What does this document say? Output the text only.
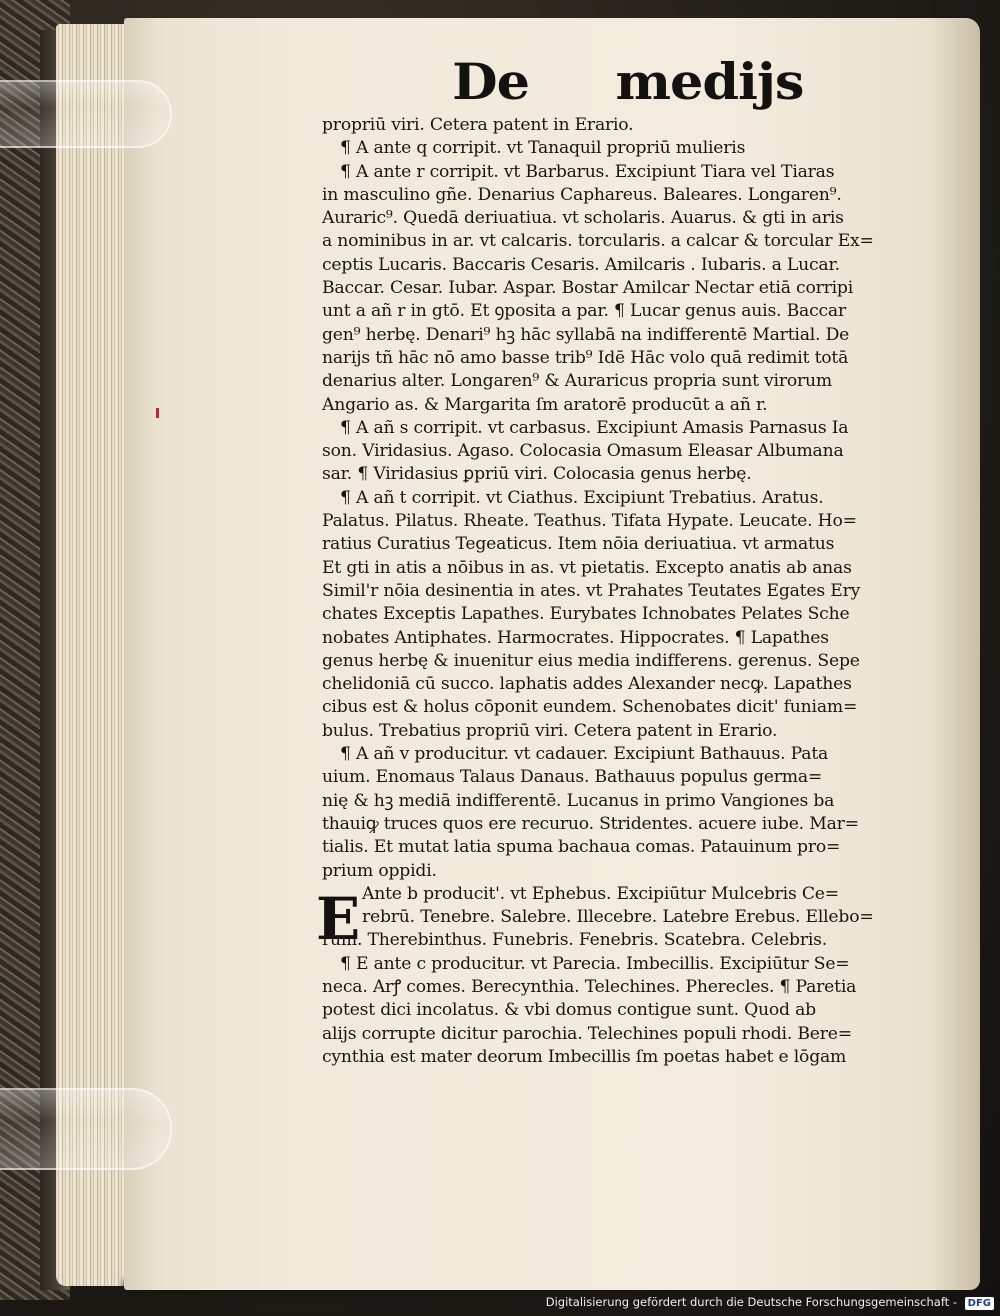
De medijs
E
propriū viri. Cetera patent in Erario.
¶ A ante q corripit. vt Tanaquil propriū mulieris
¶ A ante r corripit. vt Barbarus. Excipiunt Tiara vel Tiaras
in masculino gñe. Denarius Caphareus. Baleares. Longaren⁹.
Auraric⁹. Quedā deriuatiua. vt scholaris. Auarus. & gti in aris
a nominibus in ar. vt calcaris. torcularis. a calcar & torcular Ex=
ceptis Lucaris. Baccaris Cesaris. Amilcaris . Iubaris. a Lucar.
Baccar. Cesar. Iubar. Aspar. Bostar Amilcar Nectar etiā corripi
unt a añ r in gtō. Et ꝯposita a par. ¶ Lucar genus auis. Baccar
gen⁹ herbę. Denari⁹ hꝫ hāc syllabā na indifferentē Martial. De
narijs tñ hāc nō amo basse trib⁹ Idē Hāc volo quā redimit totā
denarius alter. Longaren⁹ & Auraricus propria sunt virorum
Angario as. & Margarita ſm aratorē producūt a añ r.
¶ A añ s corripit. vt carbasus. Excipiunt Amasis Parnasus Ia
son. Viridasius. Agaso. Colocasia Omasum Eleasar Albumana
sar. ¶ Viridasius ꝑpriū viri. Colocasia genus herbę.
¶ A añ t corripit. vt Ciathus. Excipiunt Trebatius. Aratus.
Palatus. Pilatus. Rheate. Teathus. Tifata Hypate. Leucate. Ho=
ratius Curatius Tegeaticus. Item nōia deriuatiua. vt armatus
Et gti in atis a nōibus in as. vt pietatis. Excepto anatis ab anas
Simil'r nōia desinentia in ates. vt Prahates Teutates Egates Ery
chates Exceptis Lapathes. Eurybates Ichnobates Pelates Sche
nobates Antiphates. Harmocrates. Hippocrates. ¶ Lapathes
genus herbę & inuenitur eius media indifferens. gerenus. Sepe
chelidoniā cū succo. laphatis addes Alexander necꝙ. Lapathes
cibus est & holus cōponit eundem. Schenobates dicit' funiam=
bulus. Trebatius propriū viri. Cetera patent in Erario.
¶ A añ v producitur. vt cadauer. Excipiunt Bathauus. Pata
uium. Enomaus Talaus Danaus. Bathauus populus germa=
nię & hꝫ mediā indifferentē. Lucanus in primo Vangiones ba
thauiꝙ truces quos ere recuruo. Stridentes. acuere iube. Mar=
tialis. Et mutat latia spuma bachaua comas. Patauinum pro=
prium oppidi.
Ante b producit'. vt Ephebus. Excipiūtur Mulcebris Ce=
rebrū. Tenebre. Salebre. Illecebre. Latebre Erebus. Ellebo=
rum. Therebinthus. Funebris. Fenebris. Scatebra. Celebris.
¶ E ante c producitur. vt Parecia. Imbecillis. Excipiūtur Se=
neca. Arꝭ comes. Berecynthia. Telechines. Pherecles. ¶ Paretia
potest dici incolatus. & vbi domus contigue sunt. Quod ab
alijs corrupte dicitur parochia. Telechines populi rhodi. Bere=
cynthia est mater deorum Imbecillis ſm poetas habet e lōgam
Digitalisierung gefördert durch die Deutsche Forschungsgemeinschaft - DFG
